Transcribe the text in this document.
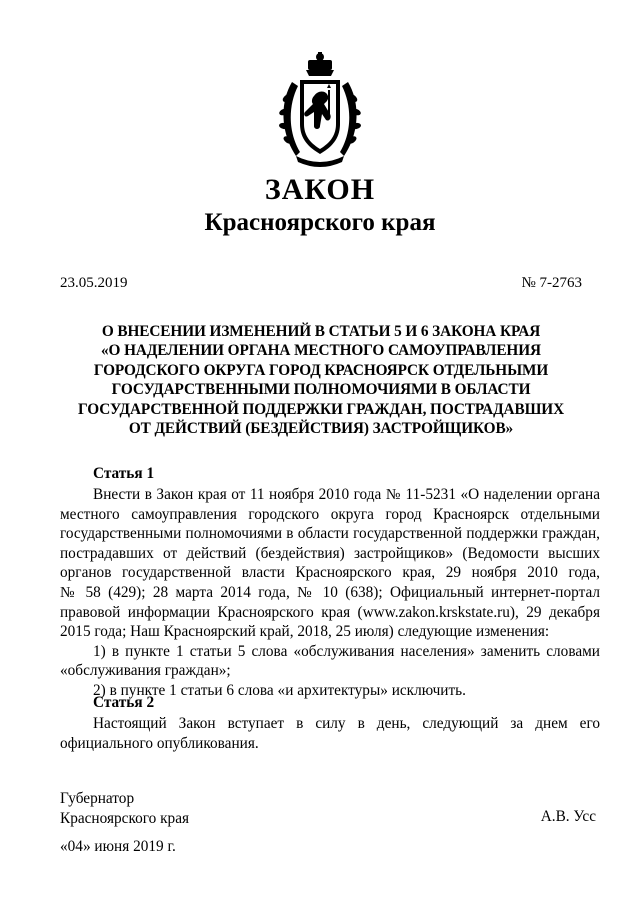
ЗАКОН
Красноярского края
23.05.2019	№ 7-2763
О ВНЕСЕНИИ ИЗМЕНЕНИЙ В СТАТЬИ 5 И 6 ЗАКОНА КРАЯ
«О НАДЕЛЕНИИ ОРГАНА МЕСТНОГО САМОУПРАВЛЕНИЯ
ГОРОДСКОГО ОКРУГА ГОРОД КРАСНОЯРСК ОТДЕЛЬНЫМИ
ГОСУДАРСТВЕННЫМИ ПОЛНОМОЧИЯМИ В ОБЛАСТИ
ГОСУДАРСТВЕННОЙ ПОДДЕРЖКИ ГРАЖДАН, ПОСТРАДАВШИХ
ОТ ДЕЙСТВИЙ (БЕЗДЕЙСТВИЯ) ЗАСТРОЙЩИКОВ»
Статья 1
Внести в Закон края от 11 ноября 2010 года № 11-5231 «О наделении органа
местного самоуправления городского округа город Красноярск отдельными
государственными полномочиями в области государственной поддержки граждан,
пострадавших от действий (бездействия) застройщиков» (Ведомости высших
органов государственной власти Красноярского края, 29 ноября 2010 года,
№ 58 (429); 28 марта 2014 года, № 10 (638); Официальный интернет-портал
правовой информации Красноярского края (www.zakon.krskstate.ru), 29 декабря
2015 года; Наш Красноярский край, 2018, 25 июля) следующие изменения:
1) в пункте 1 статьи 5 слова «обслуживания населения» заменить словами
«обслуживания граждан»;
2) в пункте 1 статьи 6 слова «и архитектуры» исключить.
Статья 2
Настоящий Закон вступает в силу в день, следующий за днем его
официального опубликования.
Губернатор
Красноярского края	А.В. Усс
«04» июня 2019 г.
